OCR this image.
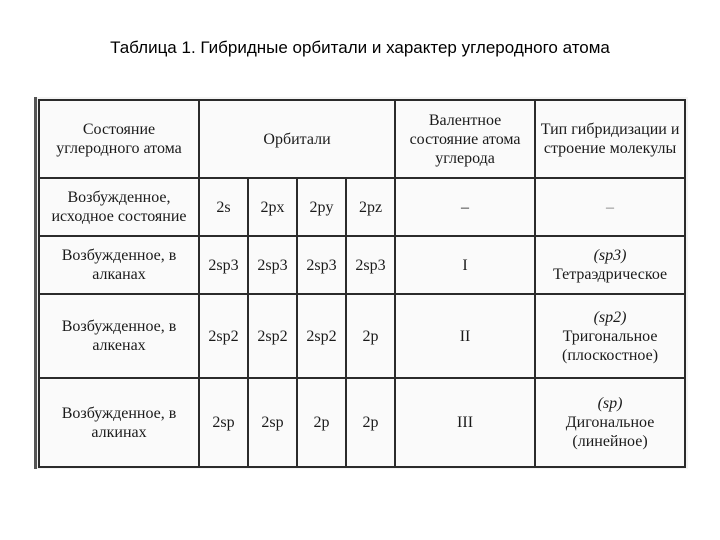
Таблица 1. Гибридные орбитали и характер углеродного атома
Состояние углеродного атома	Орбитали				Валентное состояние атома углерода	Тип гибридизации и строение молекулы
Возбужденное, исходное состояние	2s	2px	2py	2pz	–	–

Возбужденное, в алканах	2sp3	2sp3	2sp3	2sp3	I	(sp3)
Тетраэдрическое

Возбужденное, в алкенах	2sp2	2sp2	2sp2	2p	II	(sp2)
Тригональное (плоскостное)

Возбужденное, в алкинах	2sp	2sp	2p	2p	III	(sp)
Дигональное (линейное)
